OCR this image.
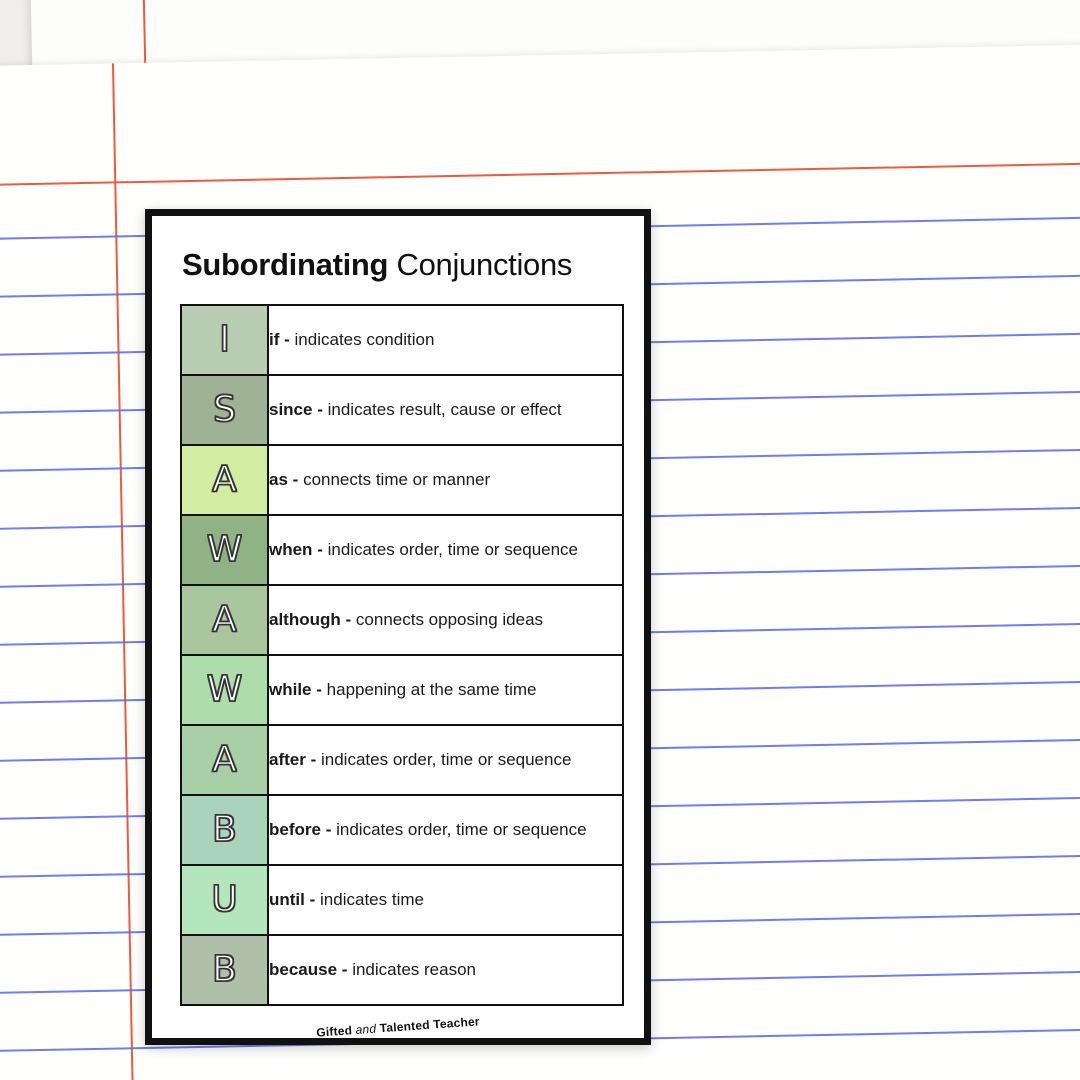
Subordinating Conjunctions
I	if - indicates condition
S	since - indicates result, cause or effect
A	as - connects time or manner
W	when - indicates order, time or sequence
A	although - connects opposing ideas
W	while - happening at the same time
A	after - indicates order, time or sequence
B	before - indicates order, time or sequence
U	until - indicates time
B	because - indicates reason
Gifted and Talented Teacher
